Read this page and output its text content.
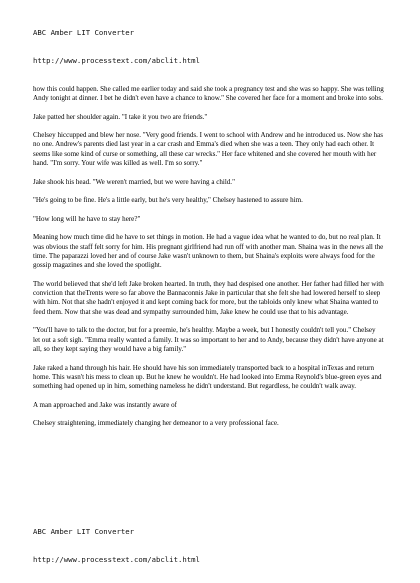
ABC Amber LIT Converter

http://www.processtext.com/abclit.html

how this could happen. She called me earlier today and said she took a pregnancy test and she was so happy. She was telling Andy tonight at dinner. I bet he didn't even have a chance to know." She covered her face for a moment and broke into sobs.

Jake patted her shoulder again. "I take it you two are friends."

Chelsey hiccupped and blew her nose. "Very good friends. I went to school with Andrew and he introduced us. Now she has no one. Andrew's parents died last year in a car crash and Emma's died when she was a teen. They only had each other. It seems like some kind of curse or something, all these car wrecks." Her face whitened and she covered her mouth with her hand. "I'm sorry. Your wife was killed as well. I'm so sorry."

Jake shook his head. "We weren't married, but we were having a child."

"He's going to be fine. He's a little early, but he's very healthy," Chelsey hastened to assure him.

"How long will he have to stay here?"

Meaning how much time did he have to set things in motion. He had a vague idea what he wanted to do, but no real plan. It was obvious the staff felt sorry for him. His pregnant girlfriend had run off with another man. Shaina was in the news all the time. The paparazzi loved her and of course Jake wasn't unknown to them, but Shaina's exploits were always food for the gossip magazines and she loved the spotlight.

The world believed that she'd left Jake broken hearted. In truth, they had despised one another. Her father had filled her with conviction that theTrents were so far above the Bannaconnis Jake in particular that she felt she had lowered herself to sleep with him. Not that she hadn't enjoyed it and kept coming back for more, but the tabloids only knew what Shaina wanted to feed them. Now that she was dead and sympathy surrounded him, Jake knew he could use that to his advantage.

"You'll have to talk to the doctor, but for a preemie, he's healthy. Maybe a week, but I honestly couldn't tell you." Chelsey let out a soft sigh. "Emma really wanted a family. It was so important to her and to Andy, because they didn't have anyone at all, so they kept saying they would have a big family."

Jake raked a hand through his hair. He should have his son immediately transported back to a hospital inTexas and return home. This wasn't his mess to clean up. But he knew he wouldn't. He had looked into Emma Reynold's blue-green eyes and something had opened up in him, something nameless he didn't understand. But regardless, he couldn't walk away.

A man approached and Jake was instantly aware of

Chelsey straightening, immediately changing her demeanor to a very professional face.

ABC Amber LIT Converter

http://www.processtext.com/abclit.html
